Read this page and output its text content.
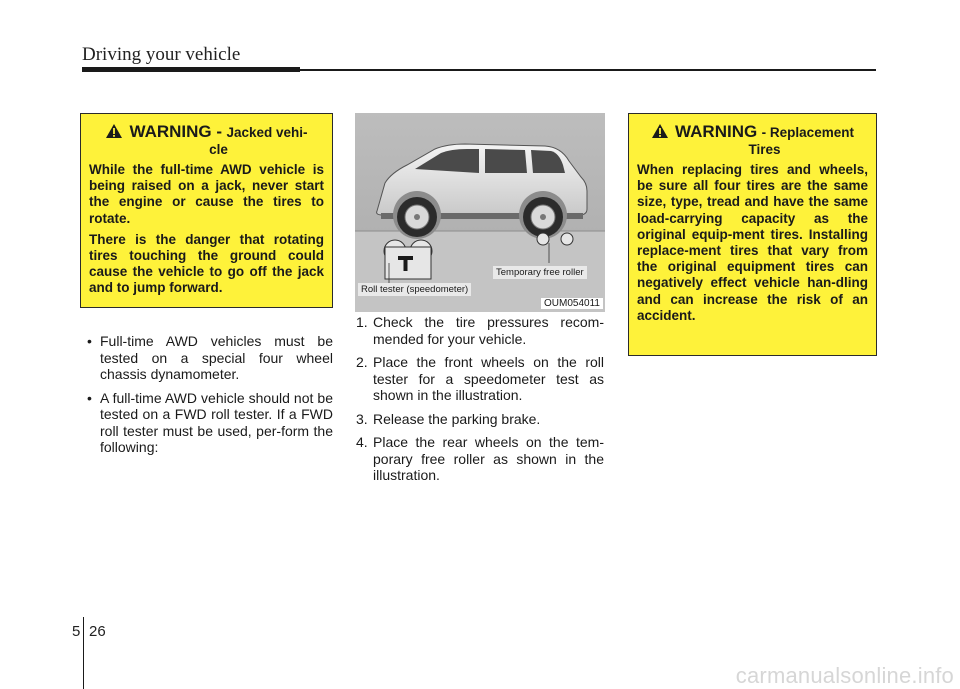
Driving your vehicle
WARNING - Jacked vehi-
cle

While the full-time AWD vehicle is being raised on a jack, never start the engine or cause the tires to rotate.

There is the danger that rotating tires touching the ground could cause the vehicle to go off the jack and to jump forward.

• Full-time AWD vehicles must be tested on a special four wheel chassis dynamometer.
• A full-time AWD vehicle should not be tested on a FWD roll tester. If a FWD roll tester must be used, per-form the following:
Temporary free roller
Roll tester (speedometer)
OUM054011
1. Check the tire pressures recom-mended for your vehicle.
2. Place the front wheels on the roll tester for a speedometer test as shown in the illustration.
3. Release the parking brake.
4. Place the rear wheels on the tem-porary free roller as shown in the illustration.
WARNING - Replacement
Tires

When replacing tires and wheels, be sure all four tires are the same size, type, tread and have the same load-carrying capacity as the original equip-ment tires. Installing replace-ment tires that vary from the original equipment tires can negatively effect vehicle han-dling and can increase the risk of an accident.

5 26
carmanualsonline.info
